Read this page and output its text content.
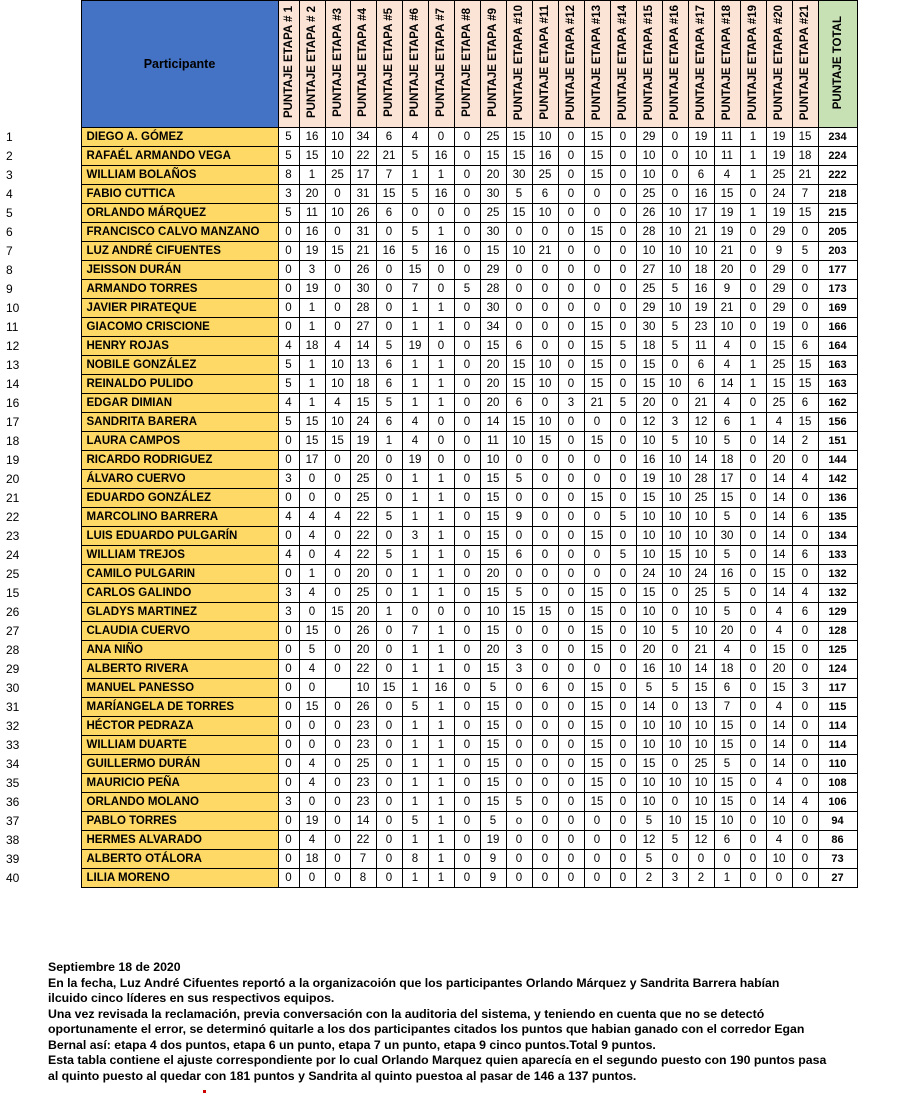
	Participante	PUNTAJE ETAPA # 1	PUNTAJE ETAPA # 2	PUNTAJE ETAPA #3	PUNTAJE ETAPA #4	PUNTAJE ETAPA #5	PUNTAJE ETAPA #6	PUNTAJE ETAPA #7	PUNTAJE ETAPA #8	PUNTAJE ETAPA #9	PUNTAJE ETAPA #10	PUNTAJE ETAPA #11	PUNTAJE ETAPA #12	PUNTAJE ETAPA #13	PUNTAJE ETAPA #14	PUNTAJE ETAPA #15	PUNTAJE ETAPA #16	PUNTAJE ETAPA #17	PUNTAJE ETAPA #18	PUNTAJE ETAPA #19	PUNTAJE ETAPA #20	PUNTAJE ETAPA #21	PUNTAJE TOTAL
1	DIEGO A. GÓMEZ	5	16	10	34	6	4	0	0	25	15	10	0	15	0	29	0	19	11	1	19	15	234
2	RAFAÉL ARMANDO VEGA	5	15	10	22	21	5	16	0	15	15	16	0	15	0	10	0	10	11	1	19	18	224
3	WILLIAM BOLAÑOS	8	1	25	17	7	1	1	0	20	30	25	0	15	0	10	0	6	4	1	25	21	222
4	FABIO CUTTICA	3	20	0	31	15	5	16	0	30	5	6	0	0	0	25	0	16	15	0	24	7	218
5	ORLANDO MÁRQUEZ	5	11	10	26	6	0	0	0	25	15	10	0	0	0	26	10	17	19	1	19	15	215
6	FRANCISCO CALVO MANZANO	0	16	0	31	0	5	1	0	30	0	0	0	15	0	28	10	21	19	0	29	0	205
7	LUZ ANDRÉ CIFUENTES	0	19	15	21	16	5	16	0	15	10	21	0	0	0	10	10	10	21	0	9	5	203
8	JEISSON DURÁN	0	3	0	26	0	15	0	0	29	0	0	0	0	0	27	10	18	20	0	29	0	177
9	ARMANDO TORRES	0	19	0	30	0	7	0	5	28	0	0	0	0	0	25	5	16	9	0	29	0	173
10	JAVIER PIRATEQUE	0	1	0	28	0	1	1	0	30	0	0	0	0	0	29	10	19	21	0	29	0	169
11	GIACOMO CRISCIONE	0	1	0	27	0	1	1	0	34	0	0	0	15	0	30	5	23	10	0	19	0	166
12	HENRY ROJAS	4	18	4	14	5	19	0	0	15	6	0	0	15	5	18	5	11	4	0	15	6	164
13	NOBILE GONZÁLEZ	5	1	10	13	6	1	1	0	20	15	10	0	15	0	15	0	6	4	1	25	15	163
14	REINALDO PULIDO	5	1	10	18	6	1	1	0	20	15	10	0	15	0	15	10	6	14	1	15	15	163
16	EDGAR DIMIAN	4	1	4	15	5	1	1	0	20	6	0	3	21	5	20	0	21	4	0	25	6	162
17	SANDRITA BARERA	5	15	10	24	6	4	0	0	14	15	10	0	0	0	12	3	12	6	1	4	15	156
18	LAURA CAMPOS	0	15	15	19	1	4	0	0	11	10	15	0	15	0	10	5	10	5	0	14	2	151
19	RICARDO RODRIGUEZ	0	17	0	20	0	19	0	0	10	0	0	0	0	0	16	10	14	18	0	20	0	144
20	ÁLVARO CUERVO	3	0	0	25	0	1	1	0	15	5	0	0	0	0	19	10	28	17	0	14	4	142
21	EDUARDO GONZÁLEZ	0	0	0	25	0	1	1	0	15	0	0	0	15	0	15	10	25	15	0	14	0	136
22	MARCOLINO BARRERA	4	4	4	22	5	1	1	0	15	9	0	0	0	5	10	10	10	5	0	14	6	135
23	LUIS EDUARDO PULGARÍN	0	4	0	22	0	3	1	0	15	0	0	0	15	0	10	10	10	30	0	14	0	134
24	WILLIAM TREJOS	4	0	4	22	5	1	1	0	15	6	0	0	0	5	10	15	10	5	0	14	6	133
25	CAMILO PULGARIN	0	1	0	20	0	1	1	0	20	0	0	0	0	0	24	10	24	16	0	15	0	132
15	CARLOS GALINDO	3	4	0	25	0	1	1	0	15	5	0	0	15	0	15	0	25	5	0	14	4	132
26	GLADYS MARTINEZ	3	0	15	20	1	0	0	0	10	15	15	0	15	0	10	0	10	5	0	4	6	129
27	CLAUDIA CUERVO	0	15	0	26	0	7	1	0	15	0	0	0	15	0	10	5	10	20	0	4	0	128
28	ANA NIÑO	0	5	0	20	0	1	1	0	20	3	0	0	15	0	20	0	21	4	0	15	0	125
29	ALBERTO RIVERA	0	4	0	22	0	1	1	0	15	3	0	0	0	0	16	10	14	18	0	20	0	124
30	MANUEL PANESSO	0	0		10	15	1	16	0	5	0	6	0	15	0	5	5	15	6	0	15	3	117
31	MARÍANGELA DE TORRES	0	15	0	26	0	5	1	0	15	0	0	0	15	0	14	0	13	7	0	4	0	115
32	HÉCTOR PEDRAZA	0	0	0	23	0	1	1	0	15	0	0	0	15	0	10	10	10	15	0	14	0	114
33	WILLIAM DUARTE	0	0	0	23	0	1	1	0	15	0	0	0	15	0	10	10	10	15	0	14	0	114
34	GUILLERMO DURÁN	0	4	0	25	0	1	1	0	15	0	0	0	15	0	15	0	25	5	0	14	0	110
35	MAURICIO PEÑA	0	4	0	23	0	1	1	0	15	0	0	0	15	0	10	10	10	15	0	4	0	108
36	ORLANDO MOLANO	3	0	0	23	0	1	1	0	15	5	0	0	15	0	10	0	10	15	0	14	4	106
37	PABLO TORRES	0	19	0	14	0	5	1	0	5	o	0	0	0	0	5	10	15	10	0	10	0	94
38	HERMES ALVARADO	0	4	0	22	0	1	1	0	19	0	0	0	0	0	12	5	12	6	0	4	0	86
39	ALBERTO OTÁLORA	0	18	0	7	0	8	1	0	9	0	0	0	0	0	5	0	0	0	0	10	0	73
40	LILIA MORENO	0	0	0	8	0	1	1	0	9	0	0	0	0	0	2	3	2	1	0	0	0	27

Septiembre 18 de 2020

En la fecha, Luz André Cifuentes reportó a la organizacoión que los participantes Orlando Márquez y Sandrita Barrera habían

ilcuido cinco líderes en sus respectivos equipos.

Una vez revisada la reclamación, previa conversación con la auditoria del sistema, y teniendo en cuenta que no se detectó

oportunamente el error, se determinó quitarle a los dos participantes citados los puntos que habian ganado con el corredor Egan

Bernal así: etapa 4 dos puntos, etapa 6 un punto, etapa 7 un punto, etapa 9 cinco puntos.Total 9 puntos.

Esta tabla contiene el ajuste correspondiente por lo cual Orlando Marquez quien aparecía en el segundo puesto con 190 puntos pasa

al quinto puesto al quedar con 181 puntos y Sandrita al quinto puestoa al pasar de 146 a 137 puntos.
